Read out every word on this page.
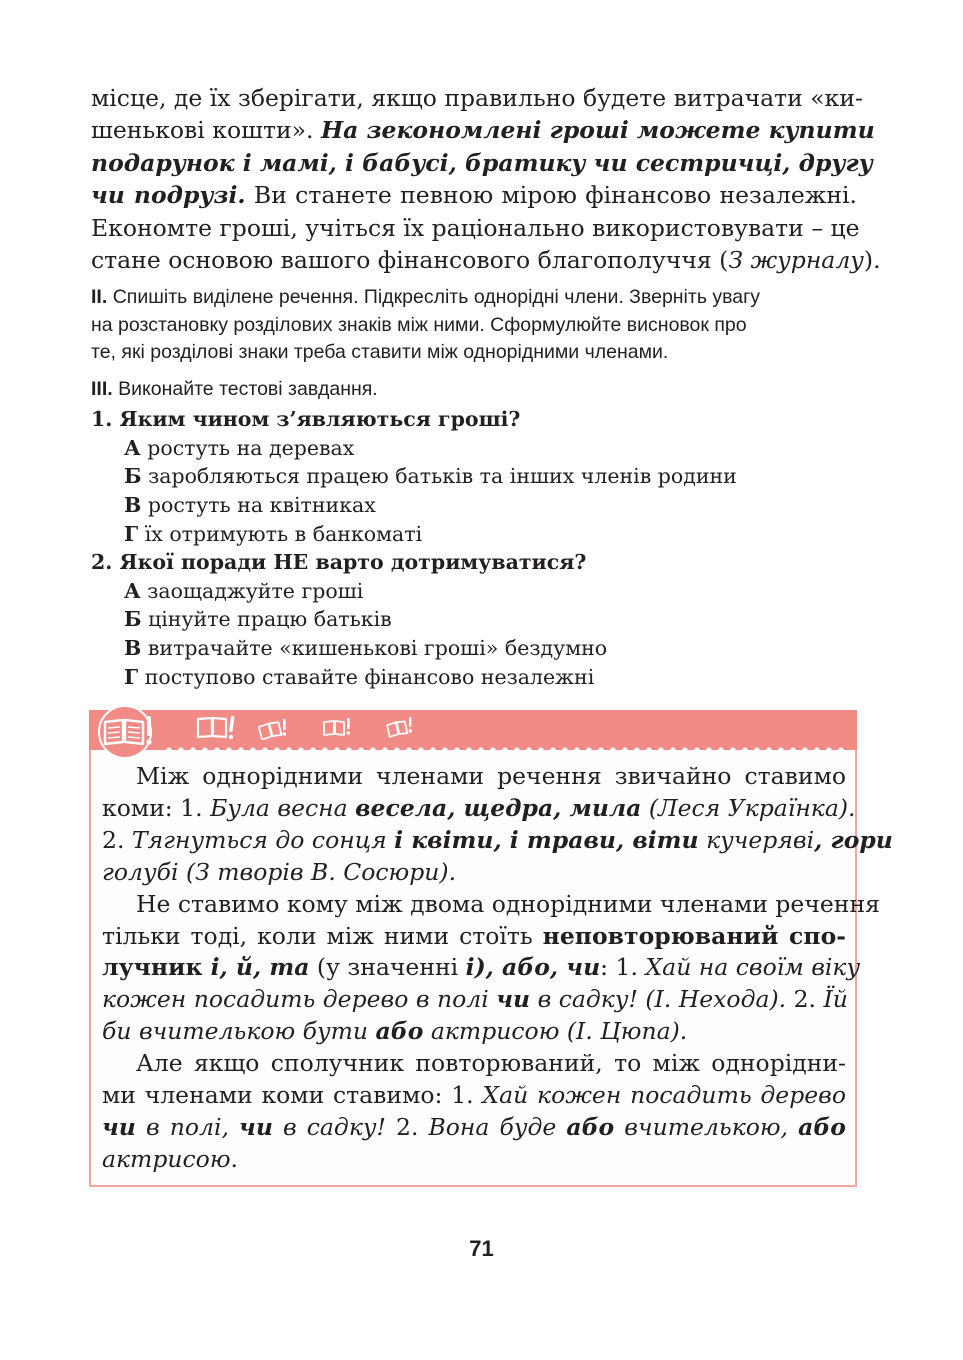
місце, де їх зберігати, якщо правильно будете витрачати «ки-
шенькові кошти». На зекономлені гроші можете купити
подарунок і мамі, і бабусі, братику чи сестричці, другу
чи подрузі. Ви станете певною мірою фінансово незалежні.
Економте гроші, учіться їх раціонально використовувати – це
стане основою вашого фінансового благополуччя (З журналу).
II. Спишіть виділене речення. Підкресліть однорідні члени. Зверніть увагу
на розстановку розділових знаків між ними. Сформулюйте висновок про
те, які розділові знаки треба ставити між однорідними членами.
III. Виконайте тестові завдання.
1. Яким чином з’являються гроші?
А ростуть на деревах
Б заробляються працею батьків та інших членів родини
В ростуть на квітниках
Г їх отримують в банкоматі
2. Якої поради НЕ варто дотримуватися?
А заощаджуйте гроші
Б цінуйте працю батьків
В витрачайте «кишенькові гроші» бездумно
Г поступово ставайте фінансово незалежні
Між однорідними членами речення звичайно ставимо
коми: 1. Була весна весела, щедра, мила (Леся Українка).
2. Тягнуться до сонця і квіти, і трави, віти кучеряві, гори
голубі (З творів В. Сосюри).
Не ставимо кому між двома однорідними членами речення
тільки тоді, коли між ними стоїть неповторюваний спо-
лучник і, й, та (у значенні і), або, чи: 1. Хай на своїм віку
кожен посадить дерево в полі чи в садку! (І. Нехода). 2. Їй
би вчителькою бути або актрисою (І. Цюпа).
Але якщо сполучник повторюваний, то між однорідни-
ми членами коми ставимо: 1. Хай кожен посадить дерево
чи в полі, чи в садку! 2. Вона буде або вчителькою, або
актрисою.
71
